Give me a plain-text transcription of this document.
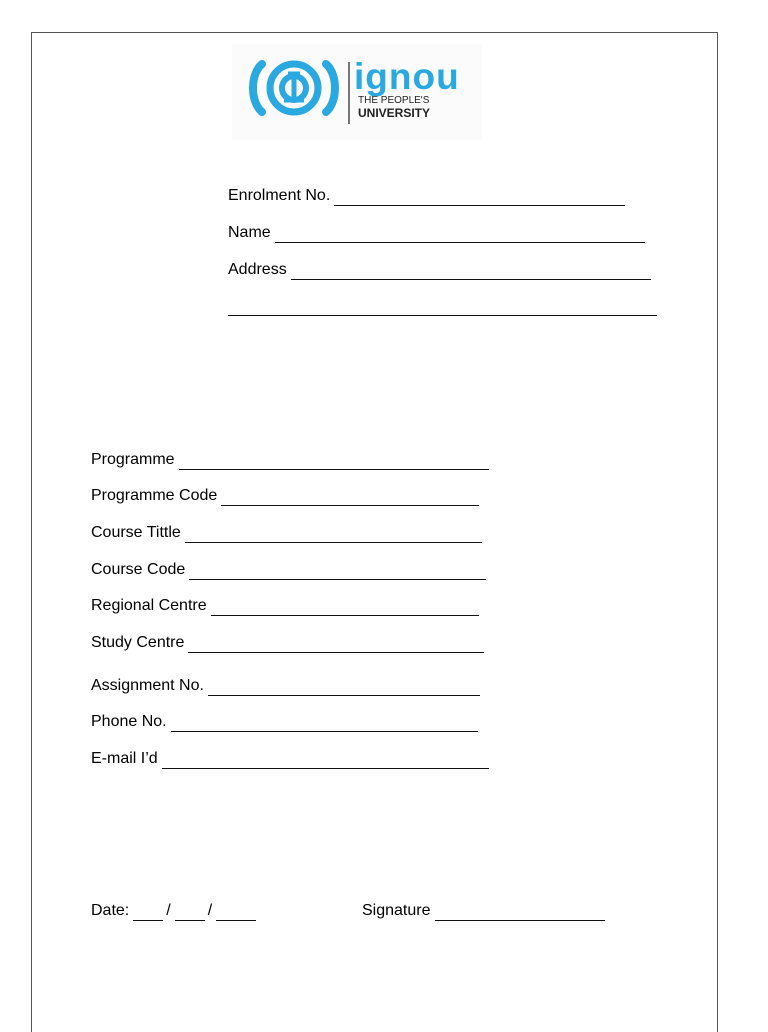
ignou
THE PEOPLE'S
UNIVERSITY
Enrolment No.
Name
Address
Programme
Programme Code
Course Tittle
Course Code
Regional Centre
Study Centre
Assignment No.
Phone No.
E-mail I’d
Date: / /	Signature
